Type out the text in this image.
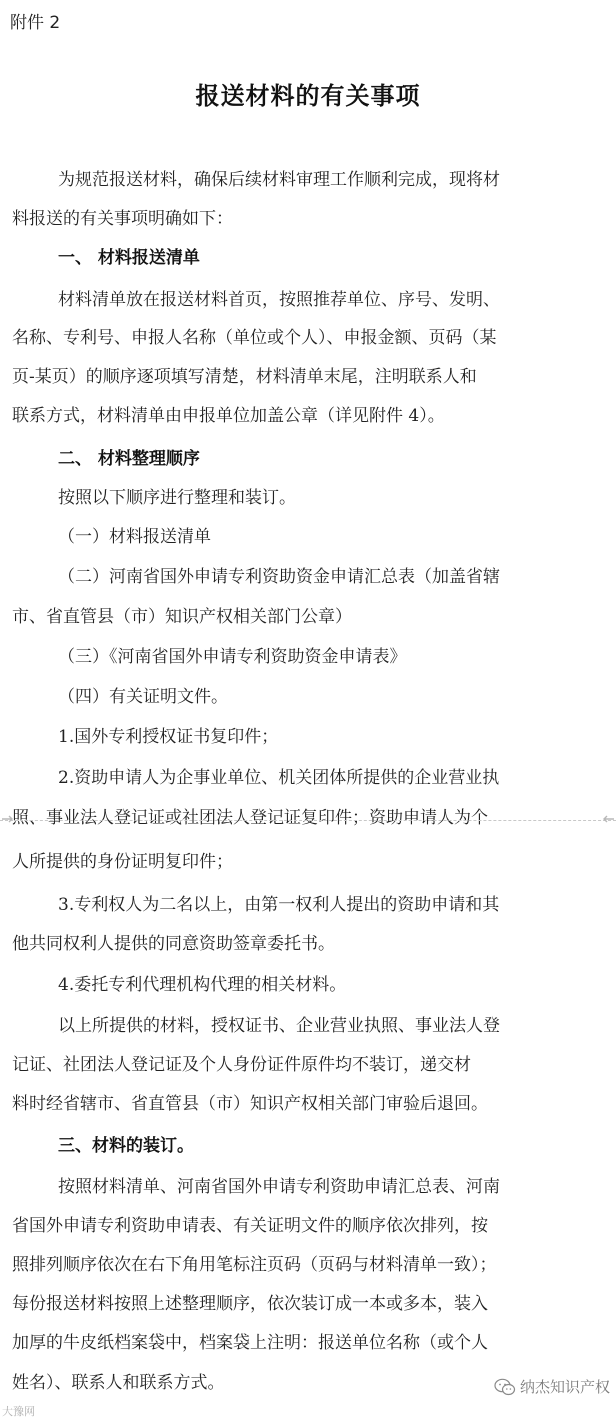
附件 2
报送材料的有关事项
为规范报送材料，确保后续材料审理工作顺利完成，现将材
料报送的有关事项明确如下：
一、 材料报送清单
材料清单放在报送材料首页，按照推荐单位、序号、发明、
名称、专利号、申报人名称（单位或个人）、申报金额、页码（某
页-某页）的顺序逐项填写清楚，材料清单末尾，注明联系人和
联系方式，材料清单由申报单位加盖公章（详见附件 4）。
二、 材料整理顺序
按照以下顺序进行整理和装订。
（一）材料报送清单
（二）河南省国外申请专利资助资金申请汇总表（加盖省辖
市、省直管县（市）知识产权相关部门公章）
（三）《河南省国外申请专利资助资金申请表》
（四）有关证明文件。
1.国外专利授权证书复印件；
2.资助申请人为企事业单位、机关团体所提供的企业营业执
照、事业法人登记证或社团法人登记证复印件；资助申请人为个
人所提供的身份证明复印件；
3.专利权人为二名以上，由第一权利人提出的资助申请和其
他共同权利人提供的同意资助签章委托书。
4.委托专利代理机构代理的相关材料。
以上所提供的材料，授权证书、企业营业执照、事业法人登
记证、社团法人登记证及个人身份证件原件均不装订，递交材
料时经省辖市、省直管县（市）知识产权相关部门审验后退回。
三、材料的装订。
按照材料清单、河南省国外申请专利资助申请汇总表、河南
省国外申请专利资助申请表、有关证明文件的顺序依次排列，按
照排列顺序依次在右下角用笔标注页码（页码与材料清单一致）；
每份报送材料按照上述整理顺序，依次装订成一本或多本，装入
加厚的牛皮纸档案袋中，档案袋上注明：报送单位名称（或个人
姓名）、联系人和联系方式。
大豫网
纳杰知识产权
